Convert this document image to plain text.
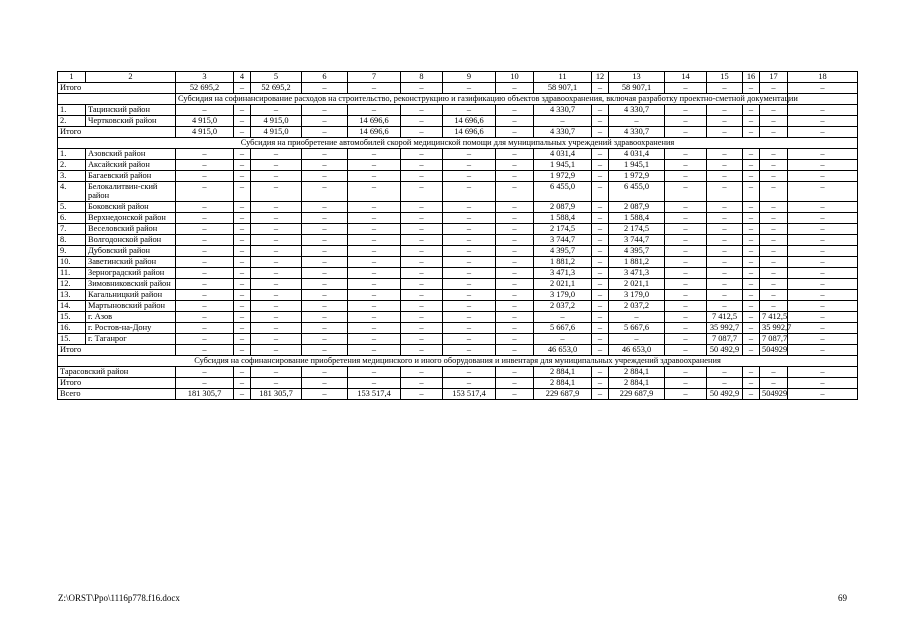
1	2	3	4	5	6	7	8	9	10	11	12	13	14	15	16	17	18
Итого		52 695,2	–	52 695,2	–	–	–	–	–	58 907,1	–	58 907,1	–	–	–	–	–
		Субсидия на софинансирование расходов на строительство, реконструкцию и газификацию объектов здравоохранения, включая разработку проектно-сметной документации															
1.	Тацинский район	–	–	–	–	–	–	–	–	4 330,7	–	4 330,7	–	–	–	–	–
2.	Чертковский район	4 915,0	–	4 915,0	–	14 696,6	–	14 696,6	–	–	–	–	–	–	–	–	–
Итого		4 915,0	–	4 915,0	–	14 696,6	–	14 696,6	–	4 330,7	–	4 330,7	–	–	–	–	–
Субсидия на приобретение автомобилей скорой медицинской помощи для муниципальных учреждений здравоохранения																	
1.	Азовский район	–	–	–	–	–	–	–	–	4 031,4	–	4 031,4	–	–	–	–	–
2.	Аксайский район	–	–	–	–	–	–	–	–	1 945,1	–	1 945,1	–	–	–	–	–
3.	Багаевский район	–	–	–	–	–	–	–	–	1 972,9	–	1 972,9	–	–	–	–	–
4.	Белокалитвин-ский район	–	–	–	–	–	–	–	–	6 455,0	–	6 455,0	–	–	–	–	–
5.	Боковский район	–	–	–	–	–	–	–	–	2 087,9	–	2 087,9	–	–	–	–	–
6.	Верхнедонской район	–	–	–	–	–	–	–	–	1 588,4	–	1 588,4	–	–	–	–	–
7.	Веселовский район	–	–	–	–	–	–	–	–	2 174,5	–	2 174,5	–	–	–	–	–
8.	Волгодонской район	–	–	–	–	–	–	–	–	3 744,7	–	3 744,7	–	–	–	–	–
9.	Дубовский район	–	–	–	–	–	–	–	–	4 395,7	–	4 395,7	–	–	–	–	–
10.	Заветинский район	–	–	–	–	–	–	–	–	1 881,2	–	1 881,2	–	–	–	–	–
11.	Зерноградский район	–	–	–	–	–	–	–	–	3 471,3	–	3 471,3	–	–	–	–	–
12.	Зимовниковский район	–	–	–	–	–	–	–	–	2 021,1	–	2 021,1	–	–	–	–	–
13.	Кагальницкий район	–	–	–	–	–	–	–	–	3 179,0	–	3 179,0	–	–	–	–	–
14.	Мартыновский район	–	–	–	–	–	–	–	–	2 037,2	–	2 037,2	–	–	–	–	–
15.	г. Азов	–	–	–	–	–	–	–	–	–	–	–	–	7 412,5	–	7 412,5	–
16.	г. Ростов-на-Дону	–	–	–	–	–	–	–	–	5 667,6	–	5 667,6	–	35 992,7	–	35 992,7	–
15.	г. Таганрог	–	–	–	–	–	–	–	–	–	–	–	–	7 087,7	–	7 087,7	–
Итого		–	–	–	–	–	–	–	–	46 653,0	–	46 653,0	–	50 492,9	–	504929	–
Субсидия на софинансирование приобретения медицинского и иного оборудования и инвентаря для муниципальных учреждений здравоохранения																	
Тарасовский район		–	–	–	–	–	–	–	–	2 884,1	–	2 884,1	–	–	–	–	–
Итого		–	–	–	–	–	–	–	–	2 884,1	–	2 884,1	–	–	–	–	–
Всего		181 305,7	–	181 305,7	–	153 517,4	–	153 517,4	–	229 687,9	–	229 687,9	–	50 492,9	–	504929	–
Z:\ORST\Ppo\1116p778.f16.docx	69
